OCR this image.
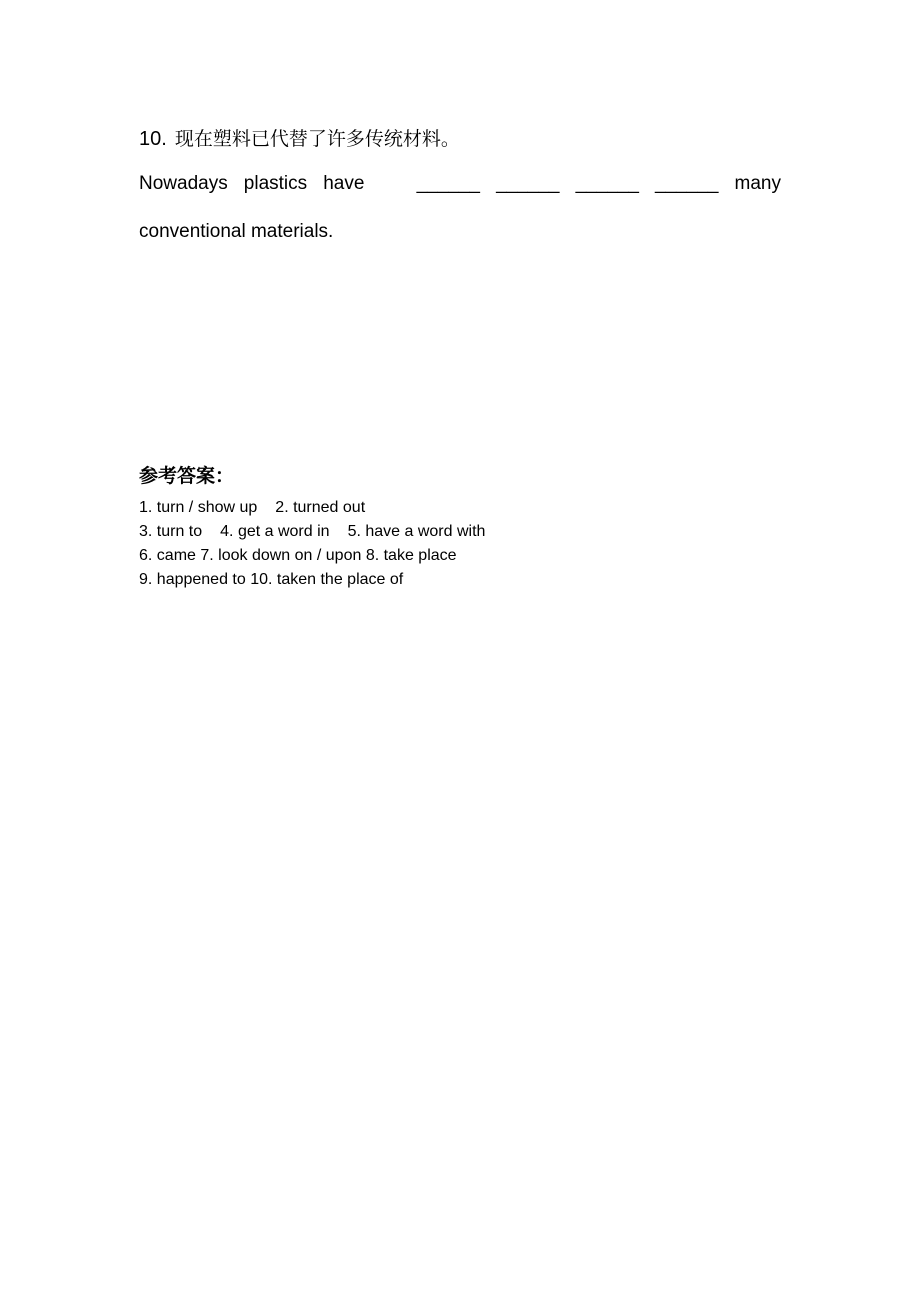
10. 现在塑料已代替了许多传统材料。
Nowadays plastics have	______ ______ ______ ______ many
conventional materials.
参考答案：
1. turn / show up 2. turned out
3. turn to 4. get a word in 5. have a word with
6. came 7. look down on / upon 8. take place
9. happened to 10. taken the place of
